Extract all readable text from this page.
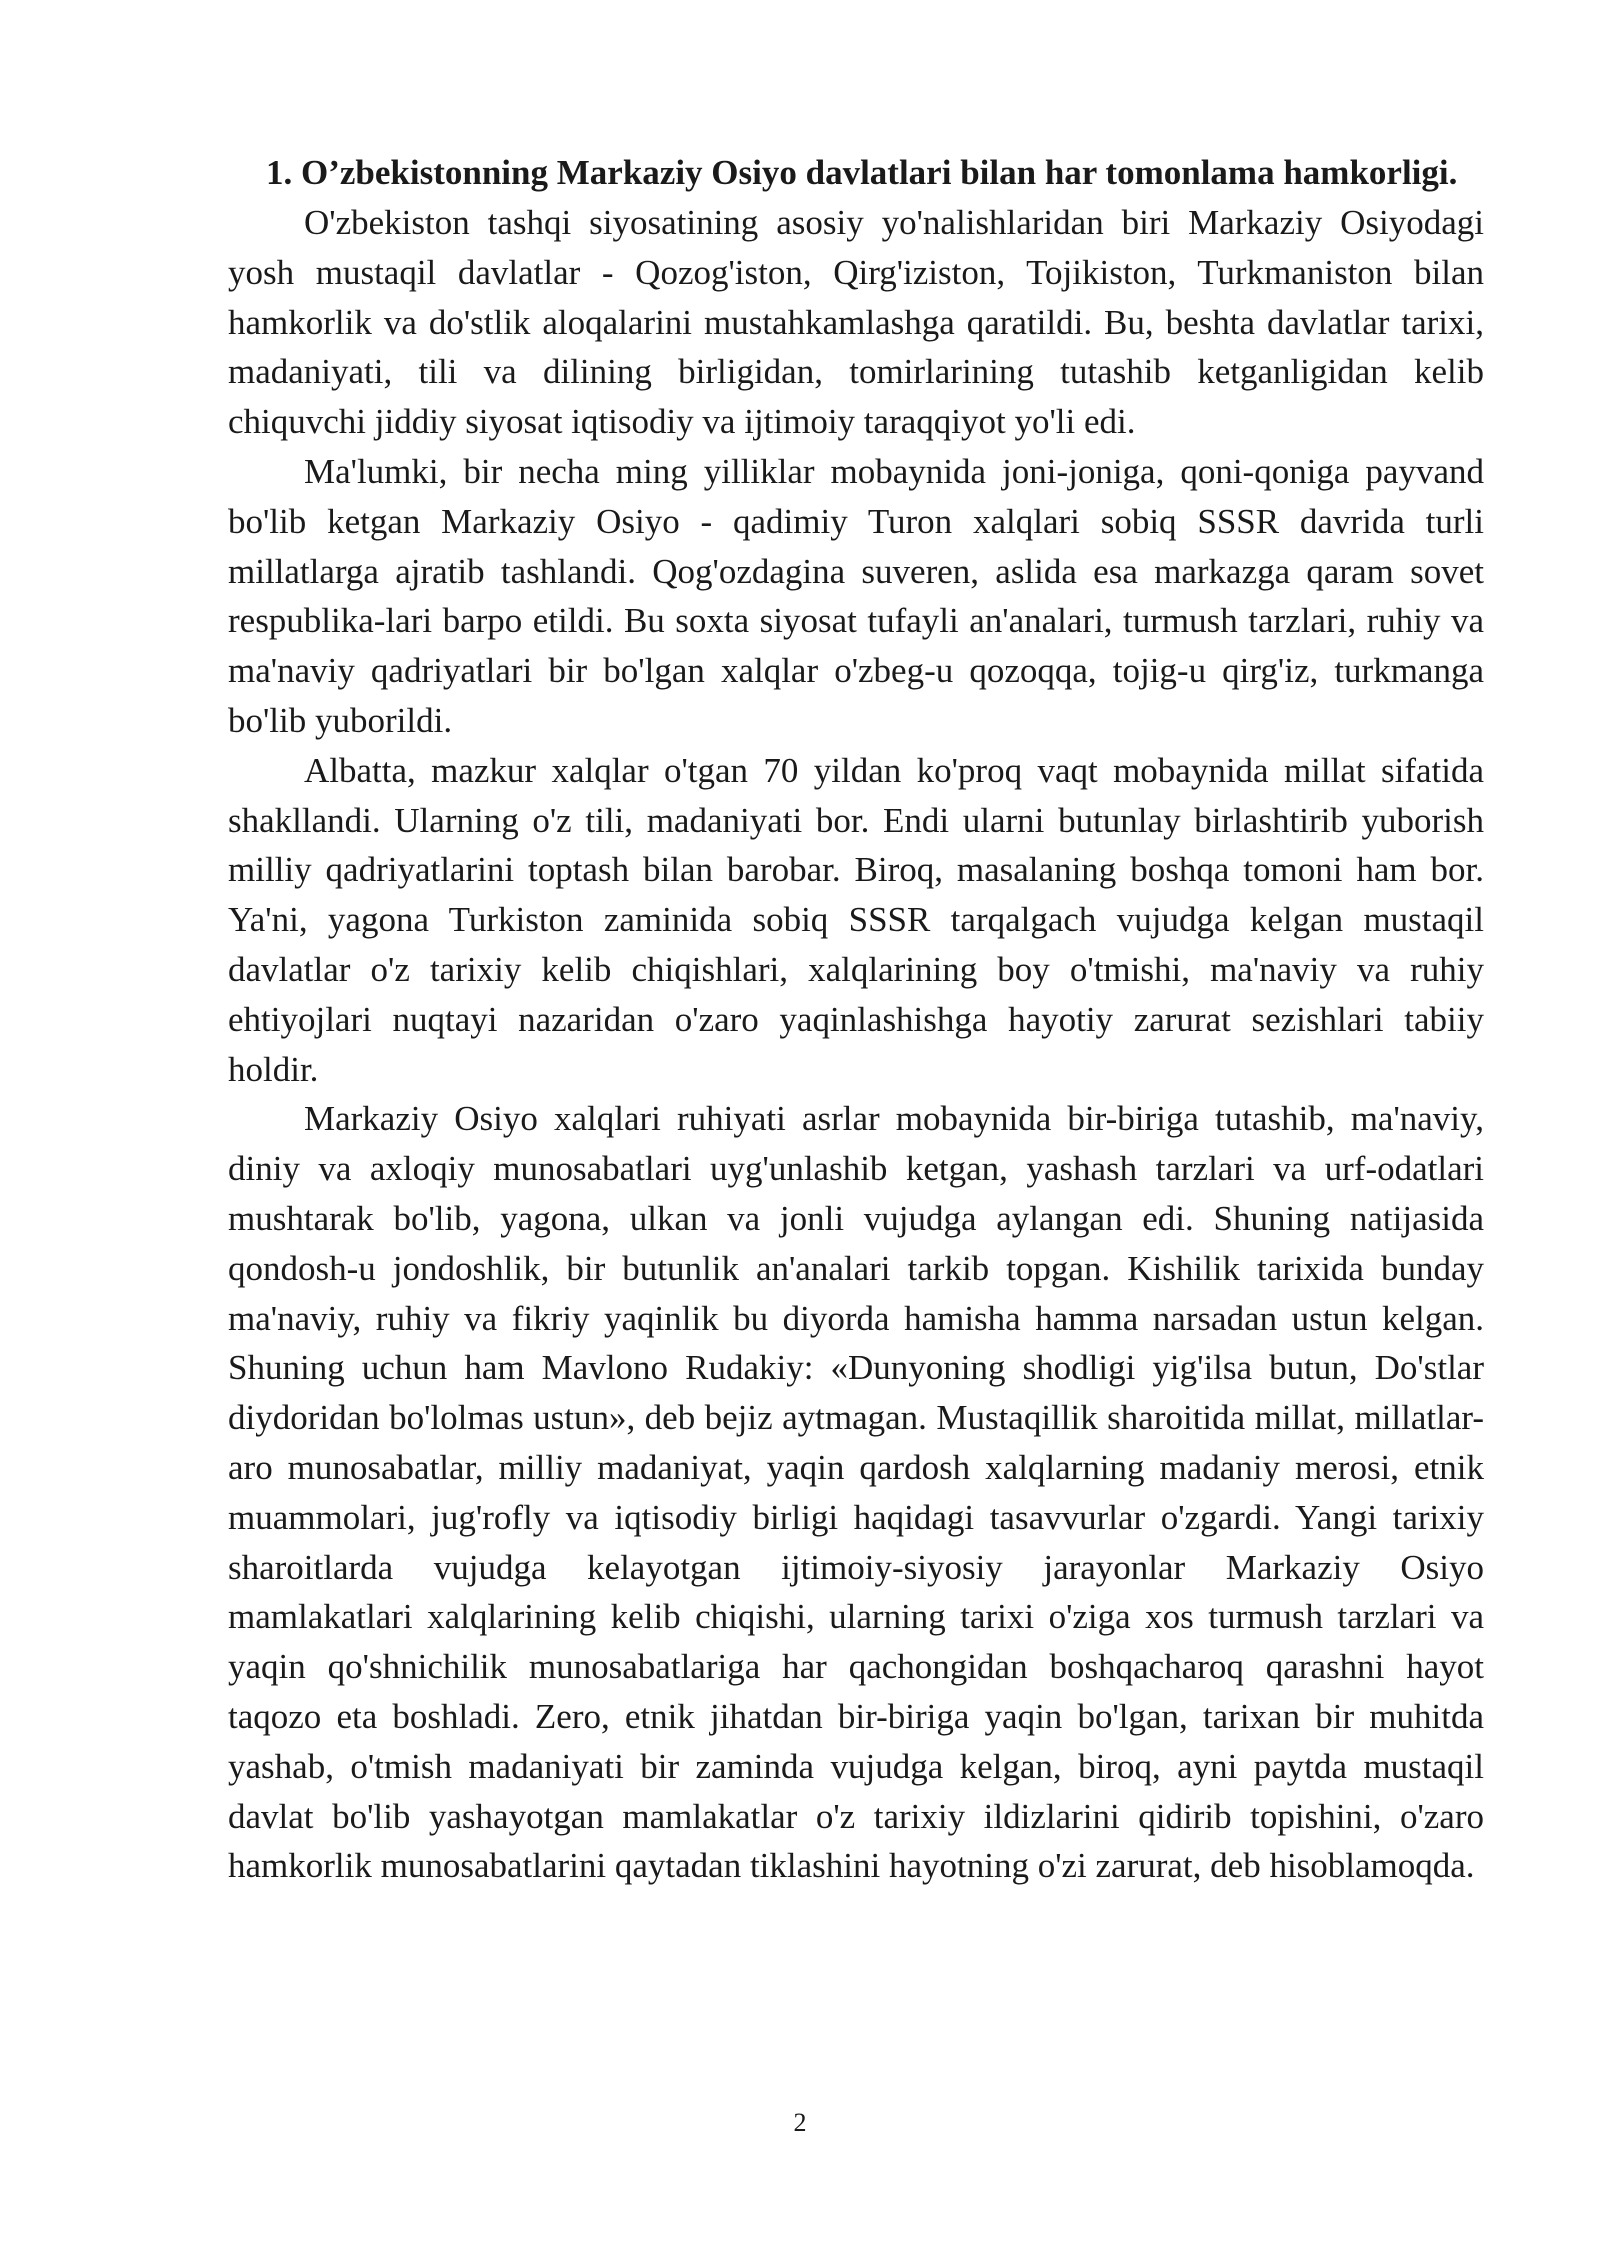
1. O’zbekistonning Markaziy Osiyo davlatlari bilan har tomonlama hamkorligi.

O'zbekiston tashqi siyosatining asosiy yo'nalishlaridan biri Markaziy Osiyodagi yosh mustaqil davlatlar - Qozog'iston, Qirg'iziston, Tojikiston, Turkmaniston bilan hamkorlik va do'stlik aloqalarini mustahkamlashga qaratildi. Bu, beshta davlatlar tarixi, madaniyati, tili va dilining birligidan, tomirlarining tutashib ketganligidan kelib chiquvchi jiddiy siyosat iqtisodiy va ijtimoiy taraqqiyot yo'li edi.

Ma'lumki, bir necha ming yilliklar mobaynida joni-joniga, qoni-qoniga payvand bo'lib ketgan Markaziy Osiyo - qadimiy Turon xalqlari sobiq SSSR davrida turli millatlarga ajratib tashlandi. Qog'ozdagina suveren, aslida esa markazga qaram sovet respublika-lari barpo etildi. Bu soxta siyosat tufayli an'analari, turmush tarzlari, ruhiy va ma'naviy qadriyatlari bir bo'lgan xalqlar o'zbeg-u qozoqqa, tojig-u qirg'iz, turkmanga bo'lib yuborildi.

Albatta, mazkur xalqlar o'tgan 70 yildan ko'proq vaqt mobaynida millat sifatida shakllandi. Ularning o'z tili, madaniyati bor. Endi ularni butunlay birlashtirib yuborish milliy qadriyatlarini toptash bilan barobar. Biroq, masalaning boshqa tomoni ham bor. Ya'ni, yagona Turkiston zaminida sobiq SSSR tarqalgach vujudga kelgan mustaqil davlatlar o'z tarixiy kelib chiqishlari, xalqlarining boy o'tmishi, ma'naviy va ruhiy ehtiyojlari nuqtayi nazaridan o'zaro yaqinlashishga hayotiy zarurat sezishlari tabiiy holdir.

Markaziy Osiyo xalqlari ruhiyati asrlar mobaynida bir-biriga tutashib, ma'naviy, diniy va axloqiy munosabatlari uyg'unlashib ketgan, yashash tarzlari va urf-odatlari mushtarak bo'lib, yagona, ulkan va jonli vujudga aylangan edi. Shuning natijasida qondosh-u jondoshlik, bir butunlik an'analari tarkib topgan. Kishilik tarixida bunday ma'naviy, ruhiy va fikriy yaqinlik bu diyorda hamisha hamma narsadan ustun kelgan. Shuning uchun ham Mavlono Rudakiy: «Dunyoning shodligi yig'ilsa butun, Do'stlar diydoridan bo'lolmas ustun», deb bejiz aytmagan. Mustaqillik sharoitida millat, millatlar-aro munosabatlar, milliy madaniyat, yaqin qardosh xalqlarning madaniy merosi, etnik muammolari, jug'rofly va iqtisodiy birligi haqidagi tasavvurlar o'zgardi. Yangi tarixiy sharoitlarda vujudga kelayotgan ijtimoiy-siyosiy jarayonlar Markaziy Osiyo mamlakatlari xalqlarining kelib chiqishi, ularning tarixi o'ziga xos turmush tarzlari va yaqin qo'shnichilik munosabatlariga har qachongidan boshqacharoq qarashni hayot taqozo eta boshladi. Zero, etnik jihatdan bir-biriga yaqin bo'lgan, tarixan bir muhitda yashab, o'tmish madaniyati bir zaminda vujudga kelgan, biroq, ayni paytda mustaqil davlat bo'lib yashayotgan mamlakatlar o'z tarixiy ildizlarini qidirib topishini, o'zaro hamkorlik munosabatlarini qaytadan tiklashini hayotning o'zi zarurat, deb hisoblamoqda.

2
